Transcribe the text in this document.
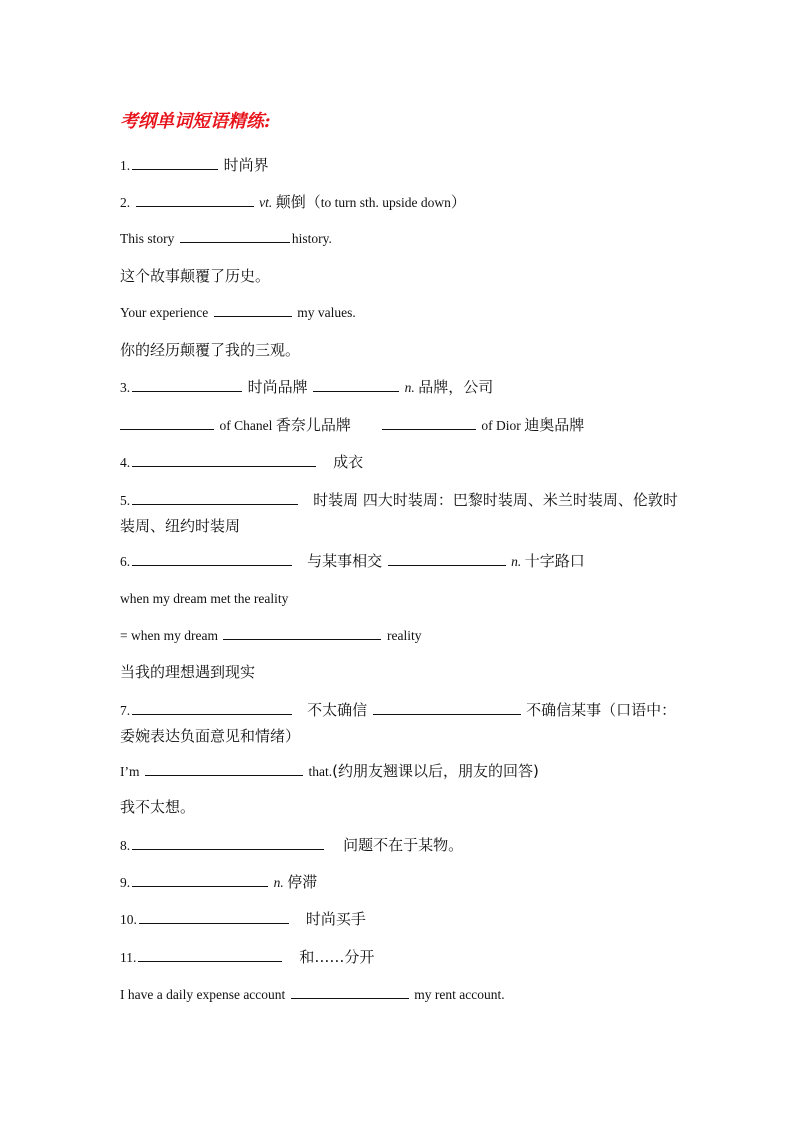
考纲单词短语精练:
1.	时尚界
2.	vt. 颠倒（to turn sth. upside down）
This story	history.
这个故事颠覆了历史。
Your experience	my values.
你的经历颠覆了我的三观。
3.	时尚品牌	n. 品牌，公司
of Chanel 香奈儿品牌	of Dior 迪奥品牌
4.	成衣
5.	时装周 四大时装周：巴黎时装周、米兰时装周、伦敦时装周、纽约时装周
6.	与某事相交	n. 十字路口
when my dream met the reality
= when my dream	reality
当我的理想遇到现实
7.	不太确信	不确信某事（口语中：委婉表达负面意见和情绪）
I’m	that.(约朋友翘课以后，朋友的回答)
我不太想。
8.	问题不在于某物。
9.	n. 停滞
10.	时尚买手
11.	和……分开
I have a daily expense account	my rent account.
